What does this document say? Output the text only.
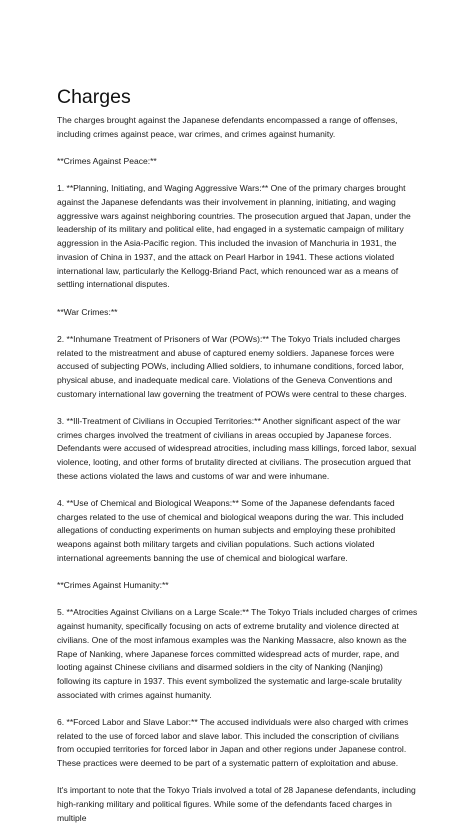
Charges

The charges brought against the Japanese defendants encompassed a range of offenses, including crimes against peace, war crimes, and crimes against humanity.

**Crimes Against Peace:**

1. **Planning, Initiating, and Waging Aggressive Wars:** One of the primary charges brought against the Japanese defendants was their involvement in planning, initiating, and waging aggressive wars against neighboring countries. The prosecution argued that Japan, under the leadership of its military and political elite, had engaged in a systematic campaign of military aggression in the Asia-Pacific region. This included the invasion of Manchuria in 1931, the invasion of China in 1937, and the attack on Pearl Harbor in 1941. These actions violated international law, particularly the Kellogg-Briand Pact, which renounced war as a means of settling international disputes.

**War Crimes:**

2. **Inhumane Treatment of Prisoners of War (POWs):** The Tokyo Trials included charges related to the mistreatment and abuse of captured enemy soldiers. Japanese forces were accused of subjecting POWs, including Allied soldiers, to inhumane conditions, forced labor, physical abuse, and inadequate medical care. Violations of the Geneva Conventions and customary international law governing the treatment of POWs were central to these charges.

3. **Ill-Treatment of Civilians in Occupied Territories:** Another significant aspect of the war crimes charges involved the treatment of civilians in areas occupied by Japanese forces. Defendants were accused of widespread atrocities, including mass killings, forced labor, sexual violence, looting, and other forms of brutality directed at civilians. The prosecution argued that these actions violated the laws and customs of war and were inhumane.

4. **Use of Chemical and Biological Weapons:** Some of the Japanese defendants faced charges related to the use of chemical and biological weapons during the war. This included allegations of conducting experiments on human subjects and employing these prohibited weapons against both military targets and civilian populations. Such actions violated international agreements banning the use of chemical and biological warfare.

**Crimes Against Humanity:**

5. **Atrocities Against Civilians on a Large Scale:** The Tokyo Trials included charges of crimes against humanity, specifically focusing on acts of extreme brutality and violence directed at civilians. One of the most infamous examples was the Nanking Massacre, also known as the Rape of Nanking, where Japanese forces committed widespread acts of murder, rape, and looting against Chinese civilians and disarmed soldiers in the city of Nanking (Nanjing) following its capture in 1937. This event symbolized the systematic and large-scale brutality associated with crimes against humanity.

6. **Forced Labor and Slave Labor:** The accused individuals were also charged with crimes related to the use of forced labor and slave labor. This included the conscription of civilians from occupied territories for forced labor in Japan and other regions under Japanese control. These practices were deemed to be part of a systematic pattern of exploitation and abuse.

It's important to note that the Tokyo Trials involved a total of 28 Japanese defendants, including high-ranking military and political figures. While some of the defendants faced charges in multiple
